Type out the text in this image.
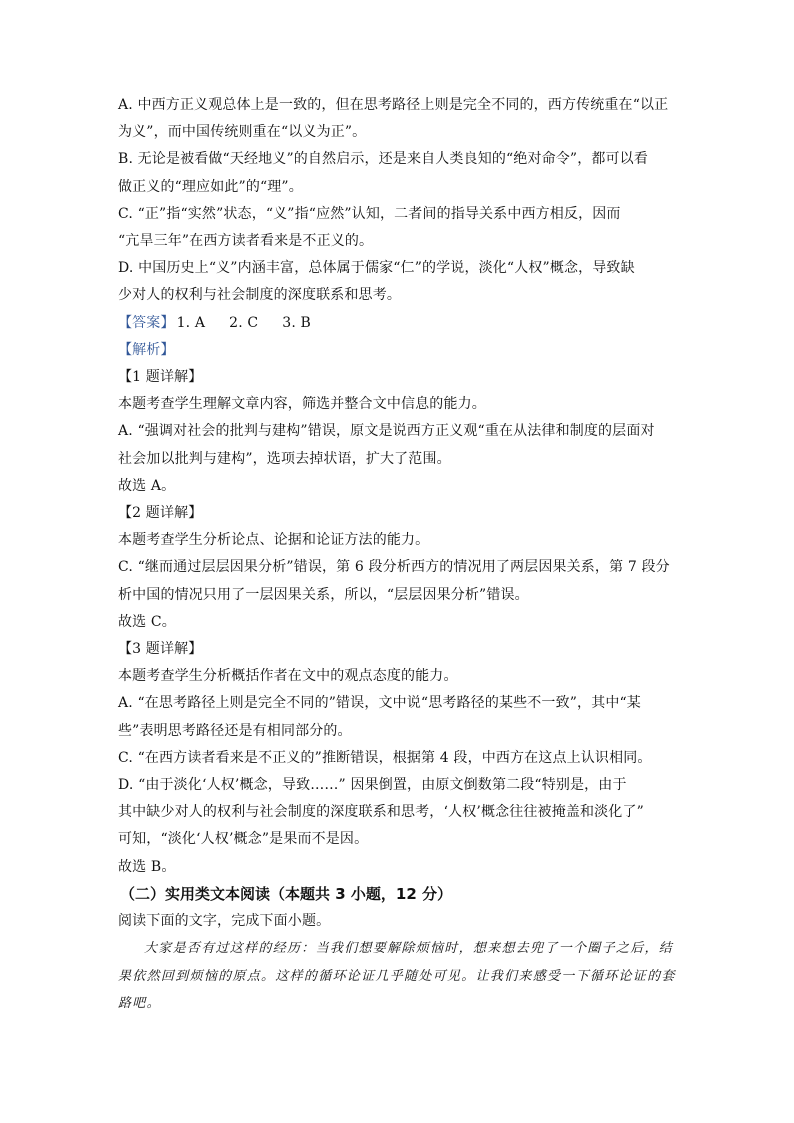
A. 中西方正义观总体上是一致的，但在思考路径上则是完全不同的，西方传统重在“以正
为义”，而中国传统则重在“以义为正”。
B. 无论是被看做“天经地义”的自然启示，还是来自人类良知的“绝对命令”，都可以看
做正义的“理应如此”的“理”。
C. “正”指“实然”状态，“义”指“应然”认知，二者间的指导关系中西方相反，因而
“亢旱三年”在西方读者看来是不正义的。
D. 中国历史上“义”内涵丰富，总体属于儒家“仁”的学说，淡化“人权”概念，导致缺
少对人的权利与社会制度的深度联系和思考。
【答案】 1. A 2. C 3. B
【解析】
【1 题详解】
本题考查学生理解文章内容，筛选并整合文中信息的能力。
A. “强调对社会的批判与建构”错误，原文是说西方正义观“重在从法律和制度的层面对
社会加以批判与建构”，选项去掉状语，扩大了范围。
故选 A。
【2 题详解】
本题考查学生分析论点、论据和论证方法的能力。
C. “继而通过层层因果分析”错误，第 6 段分析西方的情况用了两层因果关系，第 7 段分
析中国的情况只用了一层因果关系，所以，“层层因果分析”错误。
故选 C。
【3 题详解】
本题考查学生分析概括作者在文中的观点态度的能力。
A. “在思考路径上则是完全不同的”错误，文中说“思考路径的某些不一致”，其中“某
些”表明思考路径还是有相同部分的。
C. “在西方读者看来是不正义的”推断错误，根据第 4 段，中西方在这点上认识相同。
D. “由于淡化‘人权’概念，导致……” 因果倒置，由原文倒数第二段“特别是，由于
其中缺少对人的权利与社会制度的深度联系和思考，‘人权’概念往往被掩盖和淡化了”
可知，“淡化‘人权’概念”是果而不是因。
故选 B。
（二）实用类文本阅读（本题共 3 小题，12 分）
阅读下面的文字，完成下面小题。
大家是否有过这样的经历：当我们想要解除烦恼时，想来想去兜了一个圈子之后，结
果依然回到烦恼的原点。这样的循环论证几乎随处可见。让我们来感受一下循环论证的套
路吧。
